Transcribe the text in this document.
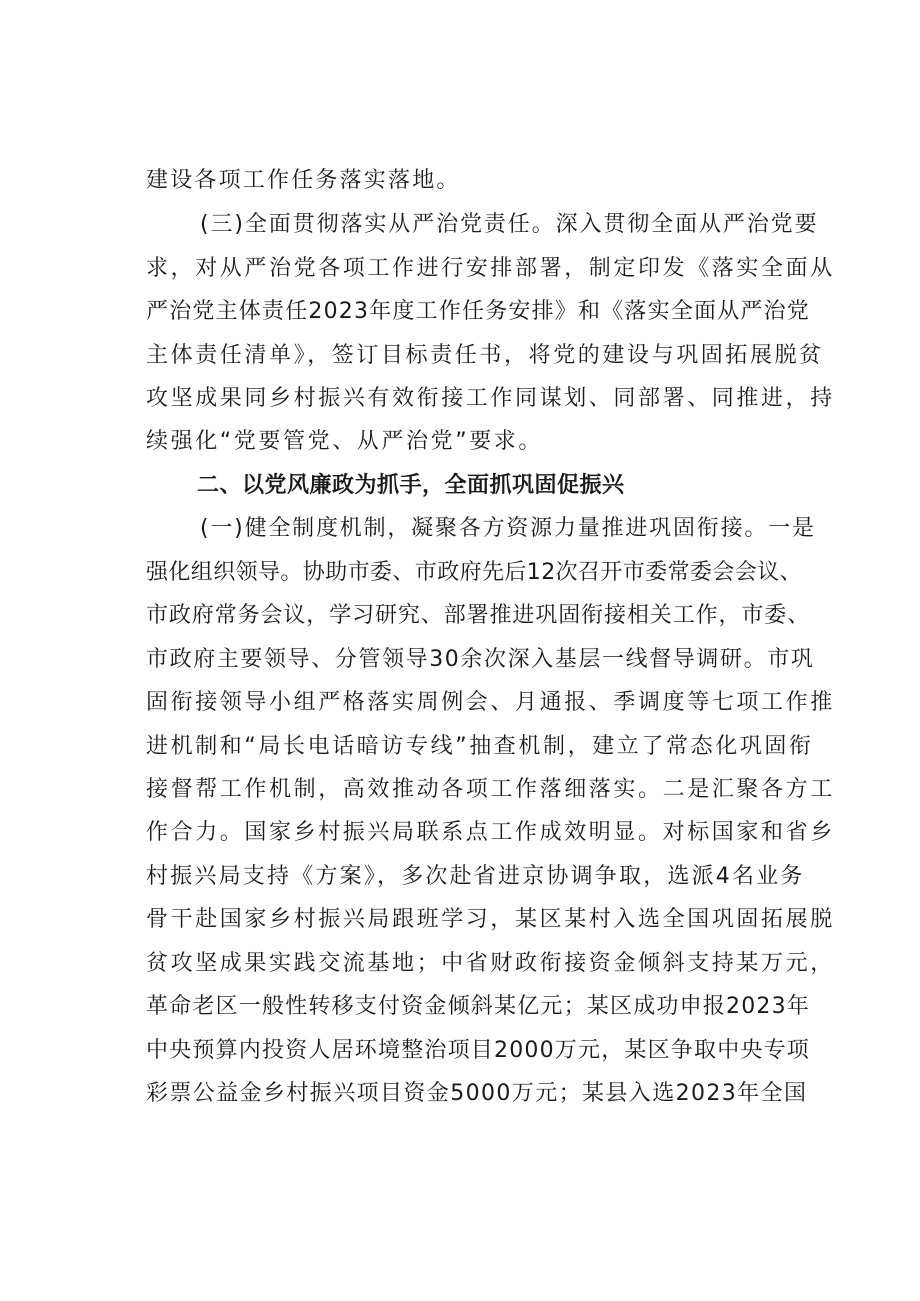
建设各项工作任务落实落地。
(三)全面贯彻落实从严治党责任。深入贯彻全面从严治党要
求，对从严治党各项工作进行安排部署，制定印发《落实全面从
严治党主体责任2023年度工作任务安排》和《落实全面从严治党
主体责任清单》，签订目标责任书，将党的建设与巩固拓展脱贫
攻坚成果同乡村振兴有效衔接工作同谋划、同部署、同推进，持
续强化“党要管党、从严治党”要求。
二、以党风廉政为抓手，全面抓巩固促振兴
(一)健全制度机制，凝聚各方资源力量推进巩固衔接。一是
强化组织领导。协助市委、市政府先后12次召开市委常委会会议、
市政府常务会议，学习研究、部署推进巩固衔接相关工作，市委、
市政府主要领导、分管领导30余次深入基层一线督导调研。市巩
固衔接领导小组严格落实周例会、月通报、季调度等七项工作推
进机制和“局长电话暗访专线”抽查机制，建立了常态化巩固衔
接督帮工作机制，高效推动各项工作落细落实。二是汇聚各方工
作合力。国家乡村振兴局联系点工作成效明显。对标国家和省乡
村振兴局支持《方案》，多次赴省进京协调争取，选派4名业务
骨干赴国家乡村振兴局跟班学习，某区某村入选全国巩固拓展脱
贫攻坚成果实践交流基地；中省财政衔接资金倾斜支持某万元，
革命老区一般性转移支付资金倾斜某亿元；某区成功申报2023年
中央预算内投资人居环境整治项目2000万元，某区争取中央专项
彩票公益金乡村振兴项目资金5000万元；某县入选2023年全国
